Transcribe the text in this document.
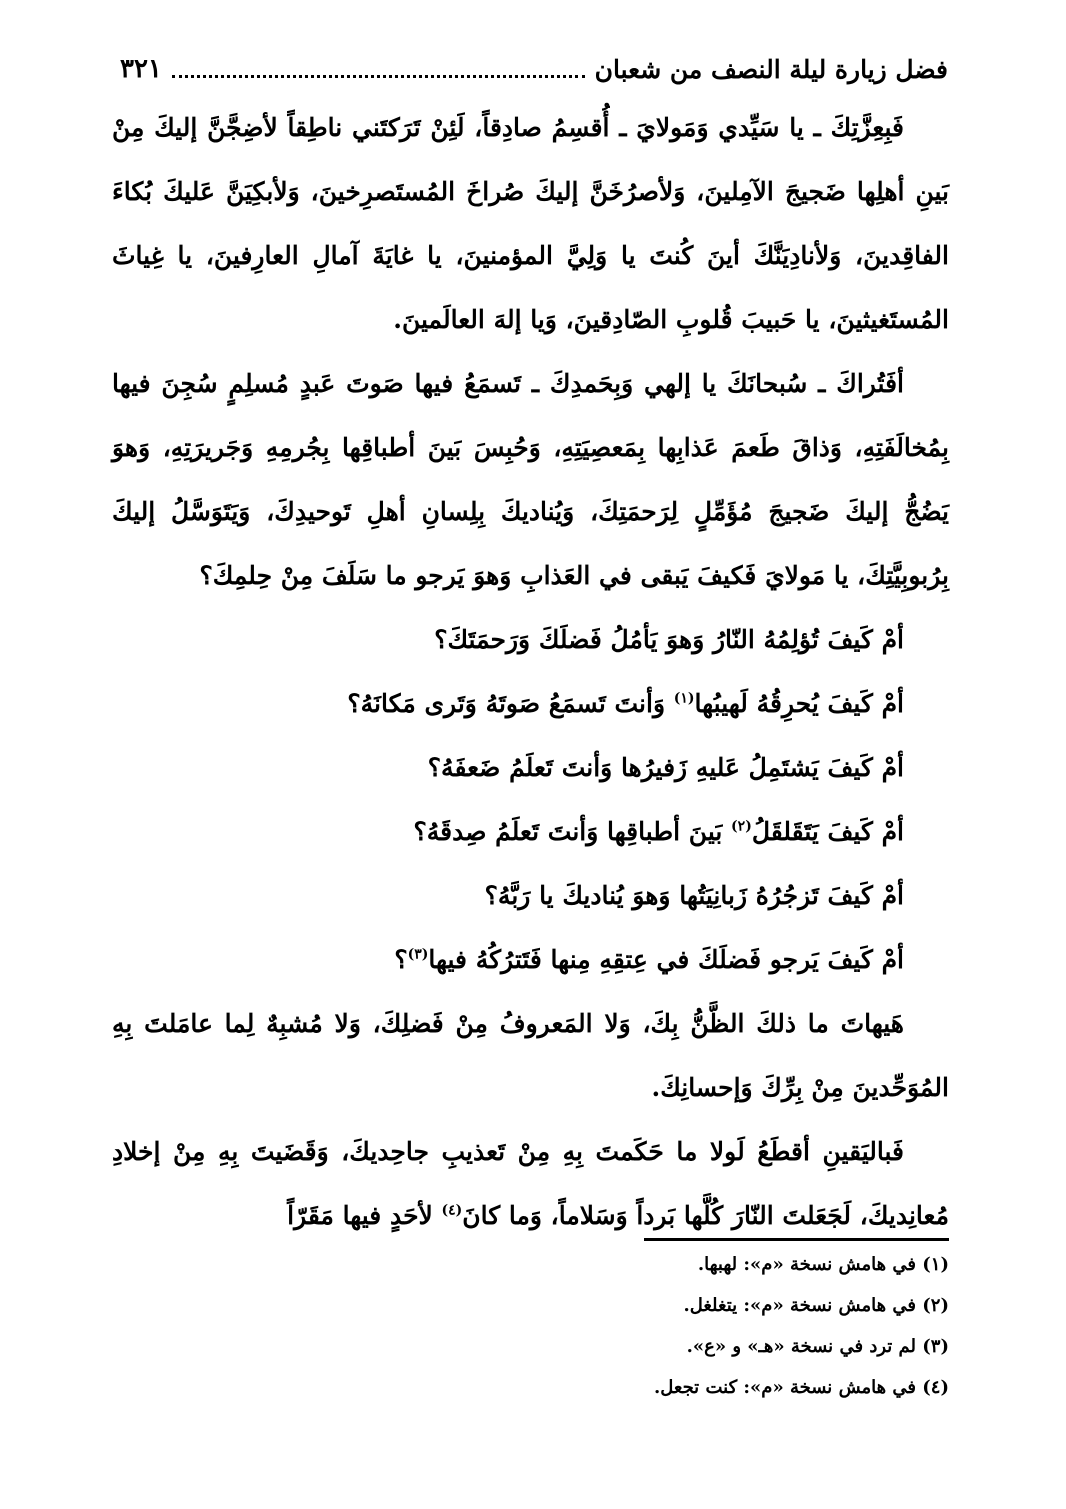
فضل زيارة ليلة النصف من شعبان
٣٢١

فَبِعِزَّتِكَ ـ يا سَيِّدي وَمَولايَ ـ أُقسِمُ صادِقاً، لَئِنْ تَرَكتَني ناطِقاً لأضِجَّنَّ إليكَ مِنْ بَينِ أهلِها ضَجيجَ الآمِلينَ، وَلأصرُخَنَّ إليكَ صُراخَ المُستَصرِخينَ، وَلأبكِيَنَّ عَليكَ بُكاءَ الفاقِدينَ، وَلأنادِيَنَّكَ أينَ كُنتَ يا وَلِيَّ المؤمنينَ، يا غايَةَ آمالِ العارِفينَ، يا غِياثَ المُستَغيثينَ، يا حَبيبَ قُلوبِ الصّادِقينَ، وَيا إلهَ العالَمينَ.

أفَتُراكَ ـ سُبحانَكَ يا إلهي وَبِحَمدِكَ ـ تَسمَعُ فيها صَوتَ عَبدٍ مُسلِمٍ سُجِنَ فيها بِمُخالَفَتِهِ، وَذاقَ طَعمَ عَذابِها بِمَعصِيَتِهِ، وَحُبِسَ بَينَ أطباقِها بِجُرمِهِ وَجَريرَتِهِ، وَهوَ يَضُجُّ إليكَ ضَجيجَ مُؤَمِّلٍ لِرَحمَتِكَ، وَيُناديكَ بِلِسانِ أهلِ تَوحيدِكَ، وَيَتَوَسَّلُ إليكَ بِرُبوبِيَّتِكَ، يا مَولايَ فَكيفَ يَبقى في العَذابِ وَهوَ يَرجو ما سَلَفَ مِنْ حِلمِكَ؟

أمْ كَيفَ تُؤلِمُهُ النّارُ وَهوَ يَأمُلُ فَضلَكَ وَرَحمَتَكَ؟
أمْ كَيفَ يُحرِقُهُ لَهيبُها$^{(١)}$ وَأنتَ تَسمَعُ صَوتَهُ وَتَرى مَكانَهُ؟
أمْ كَيفَ يَشتَمِلُ عَليهِ زَفيرُها وَأنتَ تَعلَمُ ضَعفَهُ؟
أمْ كَيفَ يَتَقَلقَلُ$^{(٢)}$ بَينَ أطباقِها وَأنتَ تَعلَمُ صِدقَهُ؟
أمْ كَيفَ تَزجُرُهُ زَبانِيَتُها وَهوَ يُناديكَ يا رَبَّهُ؟
أمْ كَيفَ يَرجو فَضلَكَ في عِتقِهِ مِنها فَتَترُكُهُ فيها$^{(٣)}$؟

هَيهاتَ ما ذلكَ الظَّنُّ بِكَ، وَلا المَعروفُ مِنْ فَضلِكَ، وَلا مُشبِهٌ لِما عامَلتَ بِهِ المُوَحِّدينَ مِنْ بِرِّكَ وَإحسانِكَ.

فَباليَقينِ أقطَعُ لَولا ما حَكَمتَ بِهِ مِنْ تَعذيبِ جاحِديكَ، وَقَضَيتَ بِهِ مِنْ إخلادِ مُعانِديكَ، لَجَعَلتَ النّارَ كُلَّها بَرداً وَسَلاماً، وَما كانَ$^{(٤)}$ لأحَدٍ فيها مَقَرّاً

(١) في هامش نسخة «م»: لهبها.

(٢) في هامش نسخة «م»: يتغلغل.

(٣) لم ترد في نسخة «هـ» و «ع».

(٤) في هامش نسخة «م»: كنت تجعل.
